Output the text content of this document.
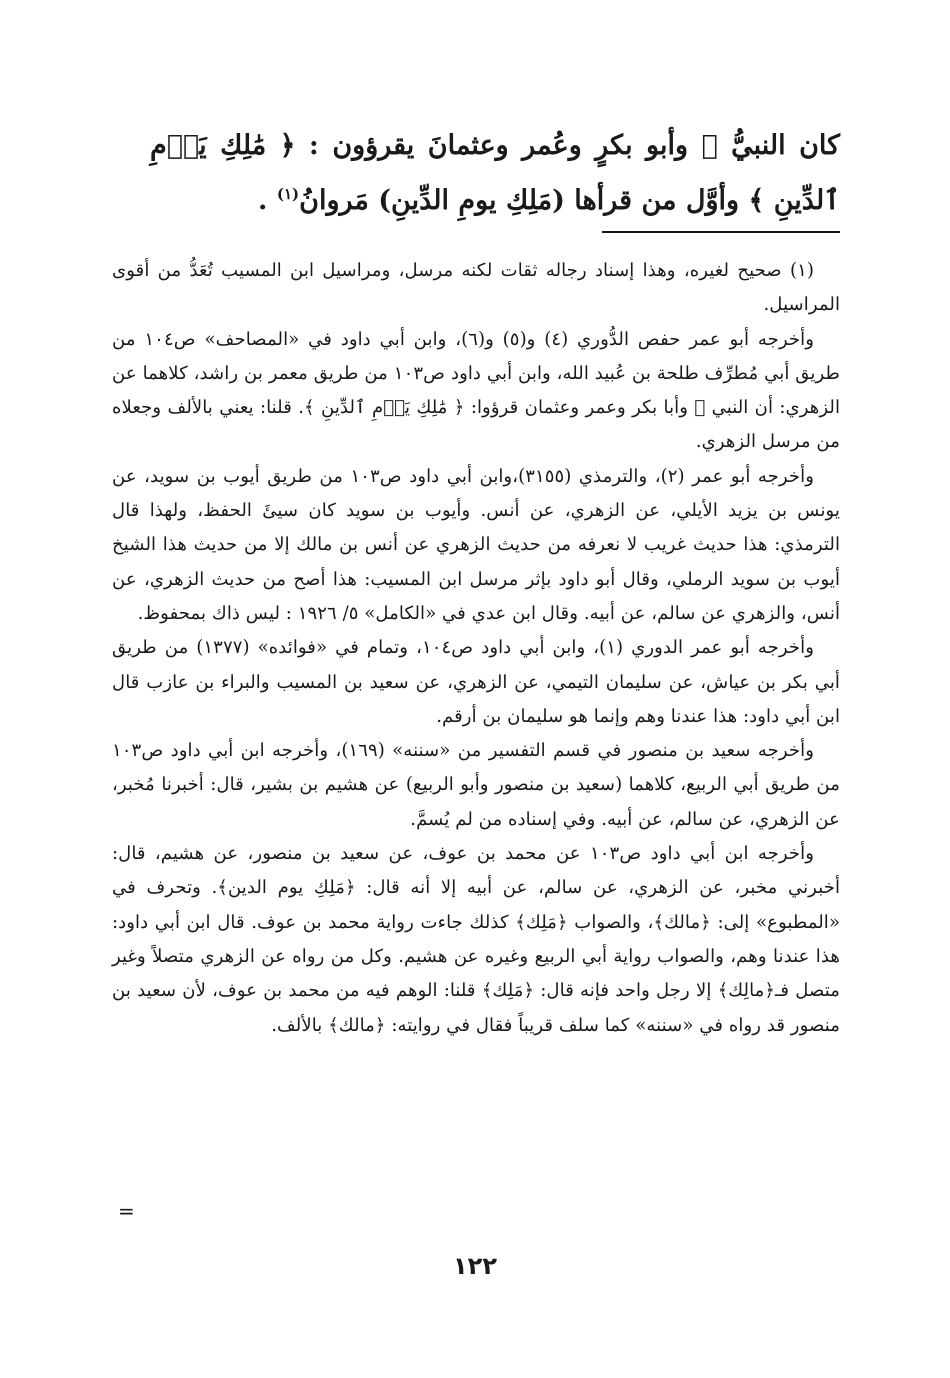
كان النبيُّ ﷺ وأبو بكرٍ وعُمر وعثمانَ يقرؤون : ﴿ مَٰلِكِ يَوۡمِ ٱلدِّينِ ﴾ وأوَّل من قرأها (مَلِكِ يومِ الدِّينِ) مَروانُ$^{(١)}$ .

(١) صحيح لغيره، وهذا إسناد رجاله ثقات لكنه مرسل، ومراسيل ابن المسيب تُعَدُّ من أقوى المراسيل.

وأخرجه أبو عمر حفص الدُّوري (٤) و(٥) و(٦)، وابن أبي داود في «المصاحف» ص١٠٤ من طريق أبي مُطرِّف طلحة بن عُبيد الله، وابن أبي داود ص١٠٣ من طريق معمر بن راشد، كلاهما عن الزهري: أن النبي ﷺ وأبا بكر وعمر وعثمان قرؤوا: ﴿ مَٰلِكِ يَوۡمِ ٱلدِّينِ ﴾. قلنا: يعني بالألف وجعلاه من مرسل الزهري.

وأخرجه أبو عمر (٢)، والترمذي (٣١٥٥)،وابن أبي داود ص١٠٣ من طريق أيوب بن سويد، عن يونس بن يزيد الأيلي، عن الزهري، عن أنس. وأيوب بن سويد كان سيئَ الحفظ، ولهذا قال الترمذي: هذا حديث غريب لا نعرفه من حديث الزهري عن أنس بن مالك إلا من حديث هذا الشيخ أيوب بن سويد الرملي، وقال أبو داود بإثر مرسل ابن المسيب: هذا أصح من حديث الزهري، عن أنس، والزهري عن سالم، عن أبيه. وقال ابن عدي في «الكامل» ٥/ ١٩٢٦ : ليس ذاك بمحفوظ.

وأخرجه أبو عمر الدوري (١)، وابن أبي داود ص١٠٤، وتمام في «فوائده» (١٣٧٧) من طريق أبي بكر بن عياش، عن سليمان التيمي، عن الزهري، عن سعيد بن المسيب والبراء بن عازب قال ابن أبي داود: هذا عندنا وهم وإنما هو سليمان بن أرقم.

وأخرجه سعيد بن منصور في قسم التفسير من «سننه» (١٦٩)، وأخرجه ابن أبي داود ص١٠٣ من طريق أبي الربيع، كلاهما (سعيد بن منصور وأبو الربيع) عن هشيم بن بشير، قال: أخبرنا مُخبر، عن الزهري، عن سالم، عن أبيه. وفي إسناده من لم يُسمَّ.

وأخرجه ابن أبي داود ص١٠٣ عن محمد بن عوف، عن سعيد بن منصور، عن هشيم، قال: أخبرني مخبر، عن الزهري، عن سالم، عن أبيه إلا أنه قال: ﴿مَلِكِ يوم الدين﴾. وتحرف في «المطبوع» إلى: ﴿مالك﴾، والصواب ﴿مَلِك﴾ كذلك جاءت رواية محمد بن عوف. قال ابن أبي داود: هذا عندنا وهم، والصواب رواية أبي الربيع وغيره عن هشيم. وكل من رواه عن الزهري متصلاً وغير متصل فـ﴿مالِك﴾ إلا رجل واحد فإنه قال: ﴿مَلِك﴾ قلنا: الوهم فيه من محمد بن عوف، لأن سعيد بن منصور قد رواه في «سننه» كما سلف قريباً فقال في روايته: ﴿مالك﴾ بالألف.

=
١٢٢
